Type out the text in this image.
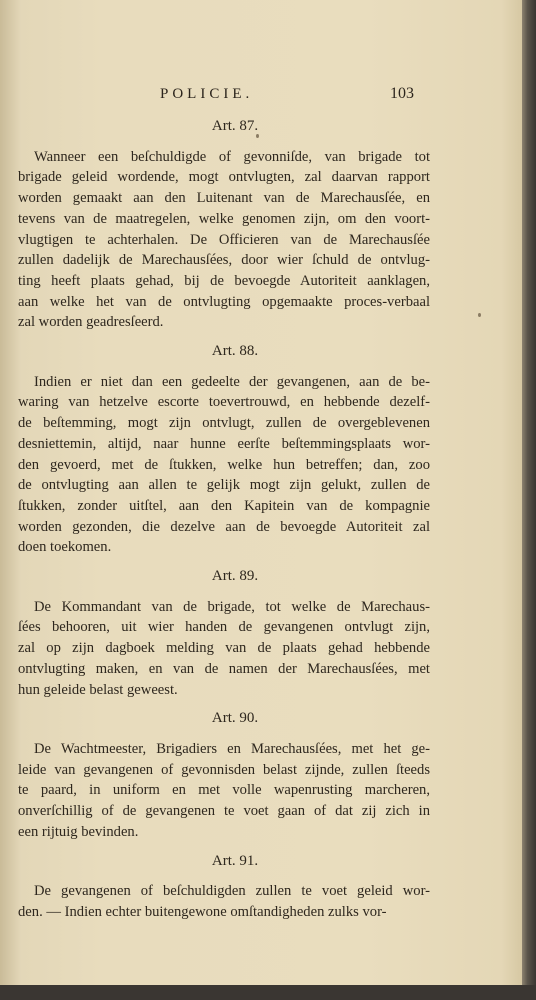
POLICIE.	103
Art. 87.
Wanneer een beſchuldigde of gevonniſde, van brigade tot
brigade geleid wordende, mogt ontvlugten, zal daarvan rapport
worden gemaakt aan den Luitenant van de Marechausſée, en
tevens van de maatregelen, welke genomen zijn, om den voort-
vlugtigen te achterhalen. De Officieren van de Marechausſée
zullen dadelijk de Marechausſées, door wier ſchuld de ontvlug-
ting heeft plaats gehad, bij de bevoegde Autoriteit aanklagen,
aan welke het van de ontvlugting opgemaakte proces-verbaal
zal worden geadresſeerd.
Art. 88.
Indien er niet dan een gedeelte der gevangenen, aan de be-
waring van hetzelve escorte toevertrouwd, en hebbende dezelf-
de beſtemming, mogt zijn ontvlugt, zullen de overgeblevenen
desniettemin, altijd, naar hunne eerſte beſtemmingsplaats wor-
den gevoerd, met de ſtukken, welke hun betreffen; dan, zoo
de ontvlugting aan allen te gelijk mogt zijn gelukt, zullen de
ſtukken, zonder uitſtel, aan den Kapitein van de kompagnie
worden gezonden, die dezelve aan de bevoegde Autoriteit zal
doen toekomen.
Art. 89.
De Kommandant van de brigade, tot welke de Marechaus-
ſées behooren, uit wier handen de gevangenen ontvlugt zijn,
zal op zijn dagboek melding van de plaats gehad hebbende
ontvlugting maken, en van de namen der Marechausſées, met
hun geleide belast geweest.
Art. 90.
De Wachtmeester, Brigadiers en Marechausſées, met het ge-
leide van gevangenen of gevonnisden belast zijnde, zullen ſteeds
te paard, in uniform en met volle wapenrusting marcheren,
onverſchillig of de gevangenen te voet gaan of dat zij zich in
een rijtuig bevinden.
Art. 91.
De gevangenen of beſchuldigden zullen te voet geleid wor-
den. — Indien echter buitengewone omſtandigheden zulks vor-
